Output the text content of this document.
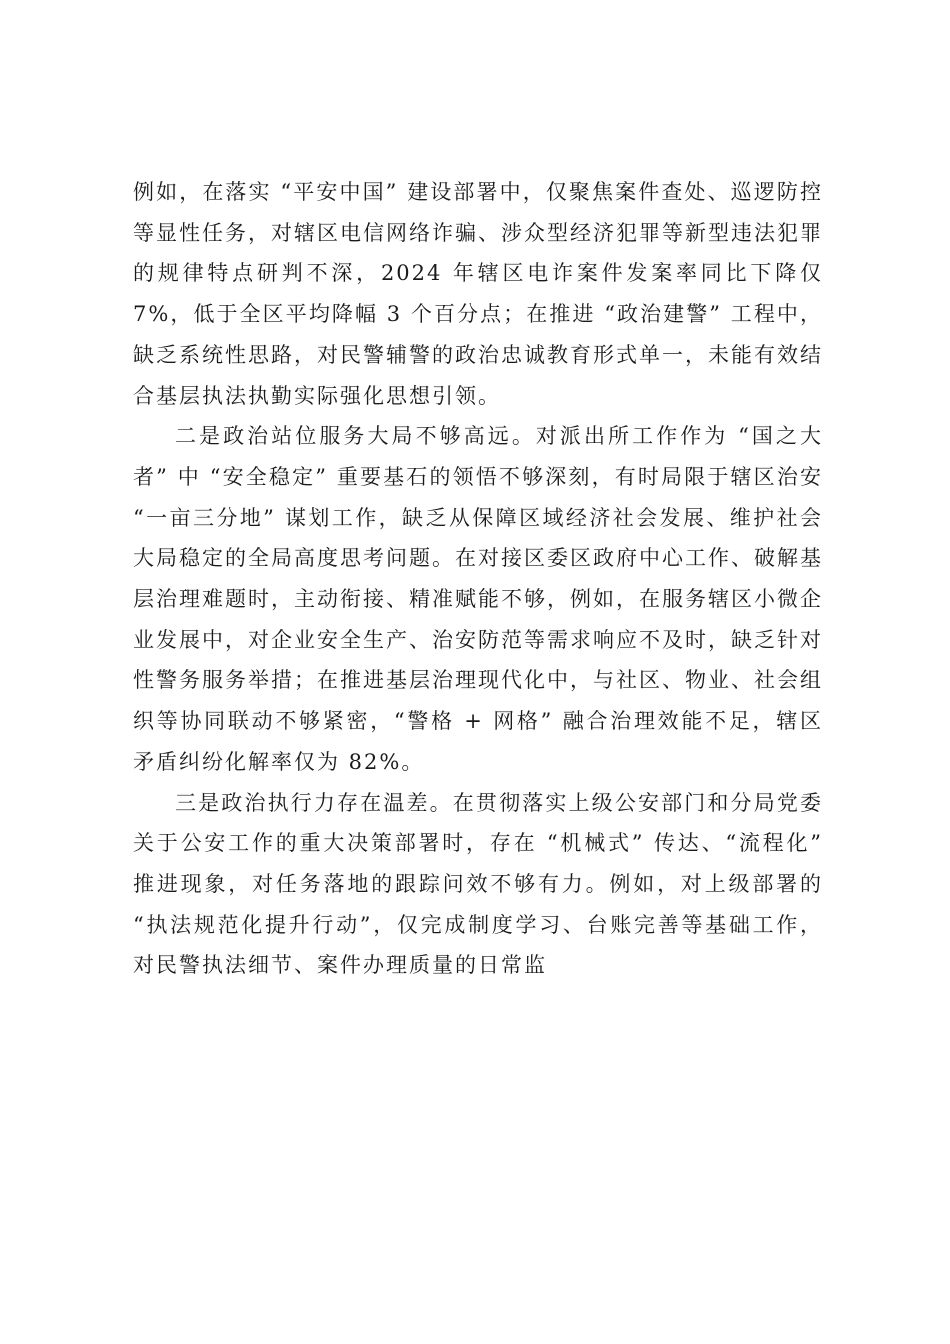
例如，在落实 “平安中国” 建设部署中，仅聚焦案件查处、巡逻防控等显性任务，对辖区电信网络诈骗、涉众型经济犯罪等新型违法犯罪的规律特点研判不深，2024 年辖区电诈案件发案率同比下降仅 7%，低于全区平均降幅 3 个百分点；在推进 “政治建警” 工程中，缺乏系统性思路，对民警辅警的政治忠诚教育形式单一，未能有效结合基层执法执勤实际强化思想引领。

二是政治站位服务大局不够高远。对派出所工作作为 “国之大者” 中 “安全稳定” 重要基石的领悟不够深刻，有时局限于辖区治安 “一亩三分地” 谋划工作，缺乏从保障区域经济社会发展、维护社会大局稳定的全局高度思考问题。在对接区委区政府中心工作、破解基层治理难题时，主动衔接、精准赋能不够，例如，在服务辖区小微企业发展中，对企业安全生产、治安防范等需求响应不及时，缺乏针对性警务服务举措；在推进基层治理现代化中，与社区、物业、社会组织等协同联动不够紧密，“警格 + 网格” 融合治理效能不足，辖区矛盾纠纷化解率仅为 82%。

三是政治执行力存在温差。在贯彻落实上级公安部门和分局党委关于公安工作的重大决策部署时，存在 “机械式” 传达、“流程化” 推进现象，对任务落地的跟踪问效不够有力。例如，对上级部署的 “执法规范化提升行动”，仅完成制度学习、台账完善等基础工作，对民警执法细节、案件办理质量的日常监
